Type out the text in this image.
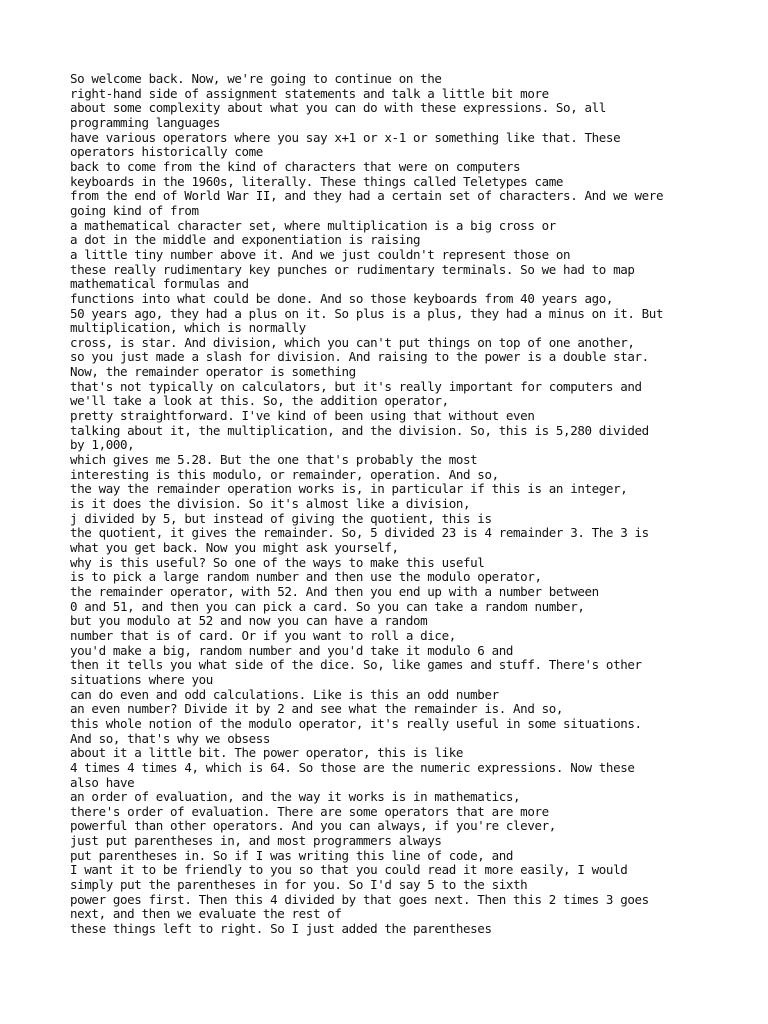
So welcome back. Now, we're going to continue on the
right-hand side of assignment statements and talk a little bit more
about some complexity about what you can do with these expressions. So, all
programming languages
have various operators where you say x+1 or x-1 or something like that. These
operators historically come
back to come from the kind of characters that were on computers
keyboards in the 1960s, literally. These things called Teletypes came
from the end of World War II, and they had a certain set of characters. And we were
going kind of from
a mathematical character set, where multiplication is a big cross or
a dot in the middle and exponentiation is raising
a little tiny number above it. And we just couldn't represent those on
these really rudimentary key punches or rudimentary terminals. So we had to map
mathematical formulas and
functions into what could be done. And so those keyboards from 40 years ago,
50 years ago, they had a plus on it. So plus is a plus, they had a minus on it. But
multiplication, which is normally
cross, is star. And division, which you can't put things on top of one another,
so you just made a slash for division. And raising to the power is a double star.
Now, the remainder operator is something
that's not typically on calculators, but it's really important for computers and
we'll take a look at this. So, the addition operator,
pretty straightforward. I've kind of been using that without even
talking about it, the multiplication, and the division. So, this is 5,280 divided
by 1,000,
which gives me 5.28. But the one that's probably the most
interesting is this modulo, or remainder, operation. And so,
the way the remainder operation works is, in particular if this is an integer,
is it does the division. So it's almost like a division,
j divided by 5, but instead of giving the quotient, this is
the quotient, it gives the remainder. So, 5 divided 23 is 4 remainder 3. The 3 is
what you get back. Now you might ask yourself,
why is this useful? So one of the ways to make this useful
is to pick a large random number and then use the modulo operator,
the remainder operator, with 52. And then you end up with a number between
0 and 51, and then you can pick a card. So you can take a random number,
but you modulo at 52 and now you can have a random
number that is of card. Or if you want to roll a dice,
you'd make a big, random number and you'd take it modulo 6 and
then it tells you what side of the dice. So, like games and stuff. There's other
situations where you
can do even and odd calculations. Like is this an odd number
an even number? Divide it by 2 and see what the remainder is. And so,
this whole notion of the modulo operator, it's really useful in some situations.
And so, that's why we obsess
about it a little bit. The power operator, this is like
4 times 4 times 4, which is 64. So those are the numeric expressions. Now these
also have
an order of evaluation, and the way it works is in mathematics,
there's order of evaluation. There are some operators that are more
powerful than other operators. And you can always, if you're clever,
just put parentheses in, and most programmers always
put parentheses in. So if I was writing this line of code, and
I want it to be friendly to you so that you could read it more easily, I would
simply put the parentheses in for you. So I'd say 5 to the sixth
power goes first. Then this 4 divided by that goes next. Then this 2 times 3 goes
next, and then we evaluate the rest of
these things left to right. So I just added the parentheses
